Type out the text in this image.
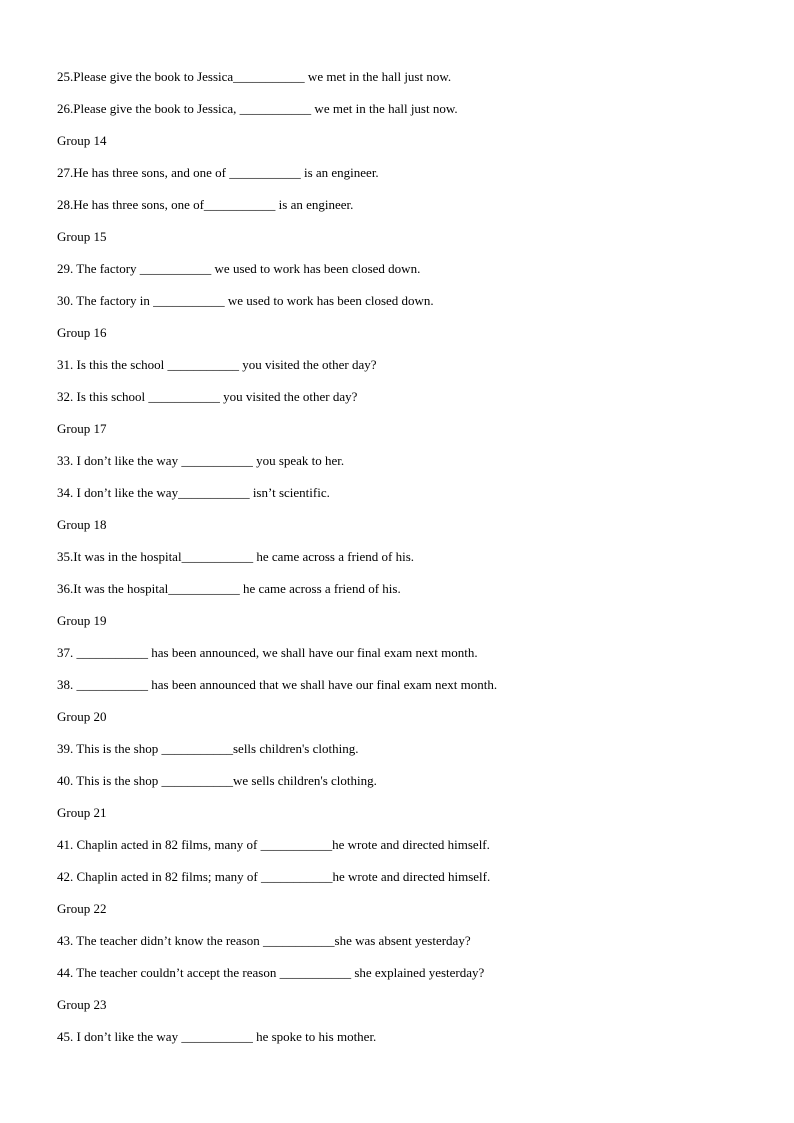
25.Please give the book to Jessica___________ we met in the hall just now.
26.Please give the book to Jessica, ___________ we met in the hall just now.
Group 14
27.He has three sons, and one of ___________ is an engineer.
28.He has three sons, one of___________ is an engineer.
Group 15
29. The factory ___________ we used to work has been closed down.
30. The factory in ___________ we used to work has been closed down.
Group 16
31. Is this the school ___________ you visited the other day?
32. Is this school ___________ you visited the other day?
Group 17
33. I don’t like the way ___________ you speak to her.
34. I don’t like the way___________ isn’t scientific.
Group 18
35.It was in the hospital___________ he came across a friend of his.
36.It was the hospital___________ he came across a friend of his.
Group 19
37. ___________ has been announced, we shall have our final exam next month.
38. ___________ has been announced that we shall have our final exam next month.
Group 20
39. This is the shop ___________sells children's clothing.
40. This is the shop ___________we sells children's clothing.
Group 21
41. Chaplin acted in 82 films, many of ___________he wrote and directed himself.
42. Chaplin acted in 82 films; many of ___________he wrote and directed himself.
Group 22
43. The teacher didn’t know the reason ___________she was absent yesterday?
44. The teacher couldn’t accept the reason ___________ she explained yesterday?
Group 23
45. I don’t like the way ___________ he spoke to his mother.
